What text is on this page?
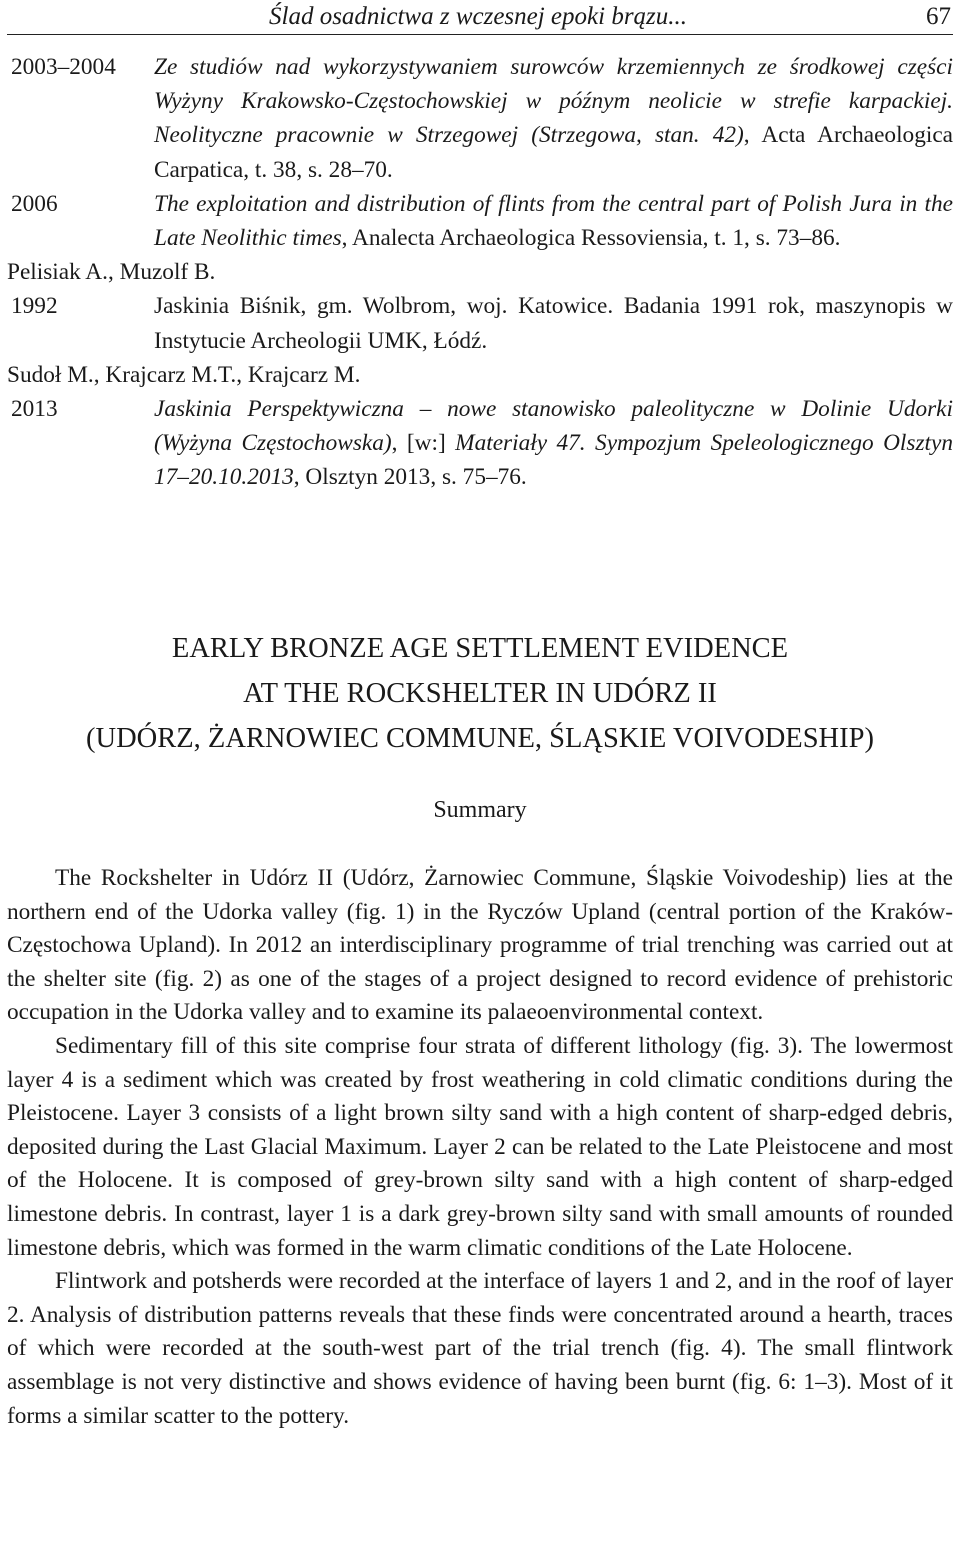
Ślad osadnictwa z wczesnej epoki brązu...	67
2003–2004	Ze studiów nad wykorzystywaniem surowców krzemiennych ze środkowej części Wyżyny Krakowsko-Częstochowskiej w późnym neolicie w strefie karpackiej. Neolityczne pracownie w Strzegowej (Strzegowa, stan. 42), Acta Archaeologica Carpatica, t. 38, s. 28–70.
2006	The exploitation and distribution of flints from the central part of Polish Jura in the Late Neolithic times, Analecta Archaeologica Ressoviensia, t. 1, s. 73–86.
Pelisiak A., Muzolf B.
1992	Jaskinia Biśnik, gm. Wolbrom, woj. Katowice. Badania 1991 rok, maszynopis w Instytucie Archeologii UMK, Łódź.
Sudoł M., Krajcarz M.T., Krajcarz M.
2013	Jaskinia Perspektywiczna – nowe stanowisko paleolityczne w Dolinie Udorki (Wyżyna Częstochowska), [w:] Materiały 47. Sympozjum Speleologicznego Olsztyn 17–20.10.2013, Olsztyn 2013, s. 75–76.
EARLY BRONZE AGE SETTLEMENT EVIDENCE
AT THE ROCKSHELTER IN UDÓRZ II
(UDÓRZ, ŻARNOWIEC COMMUNE, ŚLĄSKIE VOIVODESHIP)
Summary

The Rockshelter in Udórz II (Udórz, Żarnowiec Commune, Śląskie Voivodeship) lies at the northern end of the Udorka valley (fig. 1) in the Ryczów Upland (central portion of the Kraków-Częstochowa Upland). In 2012 an interdisciplinary programme of trial trenching was carried out at the shelter site (fig. 2) as one of the stages of a project designed to record evidence of prehistoric occupation in the Udorka valley and to examine its palaeoenvironmental context.

Sedimentary fill of this site comprise four strata of different lithology (fig. 3). The lowermost layer 4 is a sediment which was created by frost weathering in cold climatic conditions during the Pleistocene. Layer 3 consists of a light brown silty sand with a high content of sharp-edged debris, deposited during the Last Glacial Maximum. Layer 2 can be related to the Late Pleistocene and most of the Holocene. It is composed of grey-brown silty sand with a high content of sharp-edged limestone debris. In contrast, layer 1 is a dark grey-brown silty sand with small amounts of rounded limestone debris, which was formed in the warm climatic conditions of the Late Holocene.

Flintwork and potsherds were recorded at the interface of layers 1 and 2, and in the roof of layer 2. Analysis of distribution patterns reveals that these finds were concentrated around a hearth, traces of which were recorded at the south-west part of the trial trench (fig. 4). The small flintwork assemblage is not very distinctive and shows evidence of having been burnt (fig. 6: 1–3). Most of it forms a similar scatter to the pottery.
